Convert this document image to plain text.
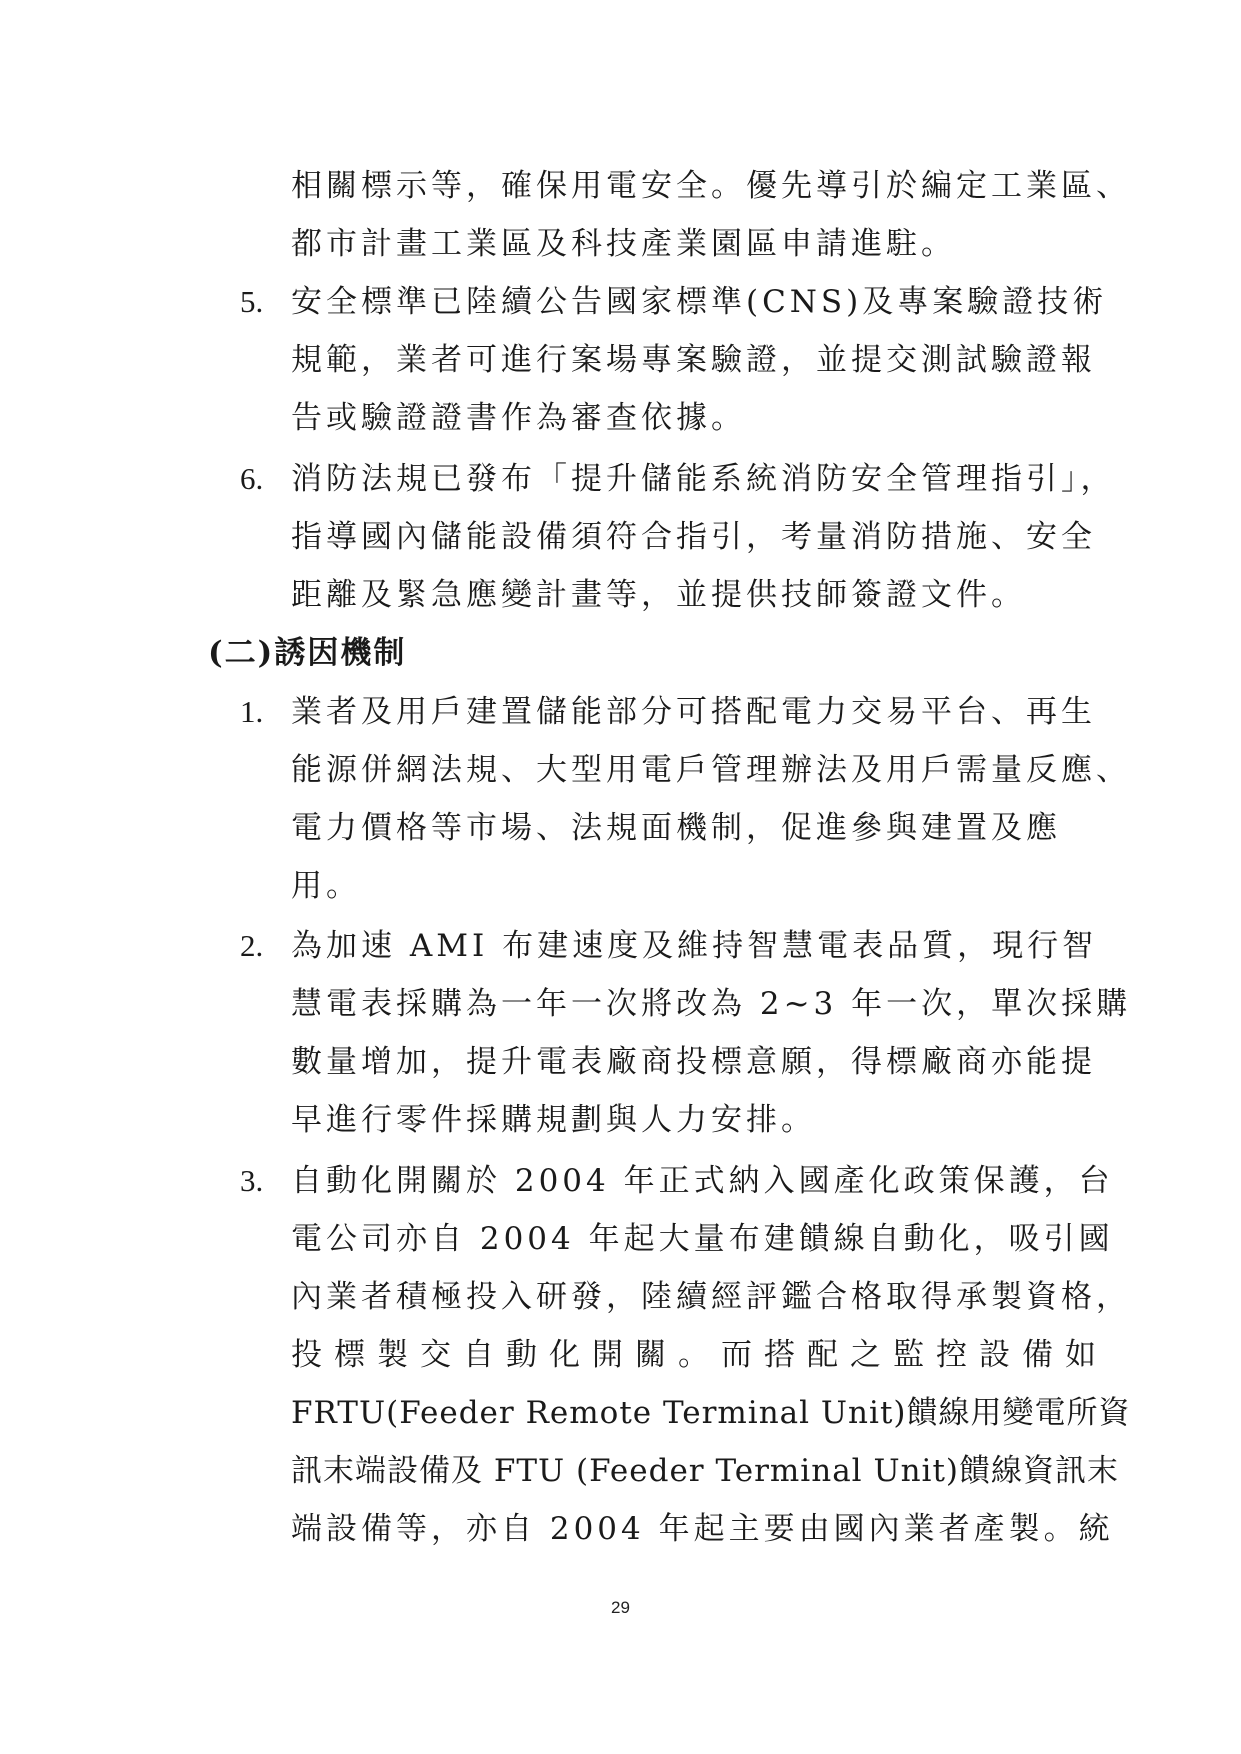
相關標示等，確保用電安全。優先導引於編定工業區、
都市計畫工業區及科技產業園區申請進駐。
5. 安全標準已陸續公告國家標準(CNS)及專案驗證技術
規範，業者可進行案場專案驗證，並提交測試驗證報
告或驗證證書作為審查依據。
6. 消防法規已發布「提升儲能系統消防安全管理指引」，
指導國內儲能設備須符合指引，考量消防措施、安全
距離及緊急應變計畫等，並提供技師簽證文件。
(二)誘因機制
1. 業者及用戶建置儲能部分可搭配電力交易平台、再生
能源併網法規、大型用電戶管理辦法及用戶需量反應、
電力價格等市場、法規面機制，促進參與建置及應
用。
2. 為加速 AMI 布建速度及維持智慧電表品質，現行智
慧電表採購為一年一次將改為 2~3 年一次，單次採購
數量增加，提升電表廠商投標意願，得標廠商亦能提
早進行零件採購規劃與人力安排。
3. 自動化開關於 2004 年正式納入國產化政策保護，台
電公司亦自 2004 年起大量布建饋線自動化，吸引國
內業者積極投入研發，陸續經評鑑合格取得承製資格，
投標製交自動化開關。而搭配之監控設備如
FRTU(Feeder Remote Terminal Unit)饋線用變電所資
訊末端設備及 FTU (Feeder Terminal Unit)饋線資訊末
端設備等，亦自 2004 年起主要由國內業者產製。統
29
